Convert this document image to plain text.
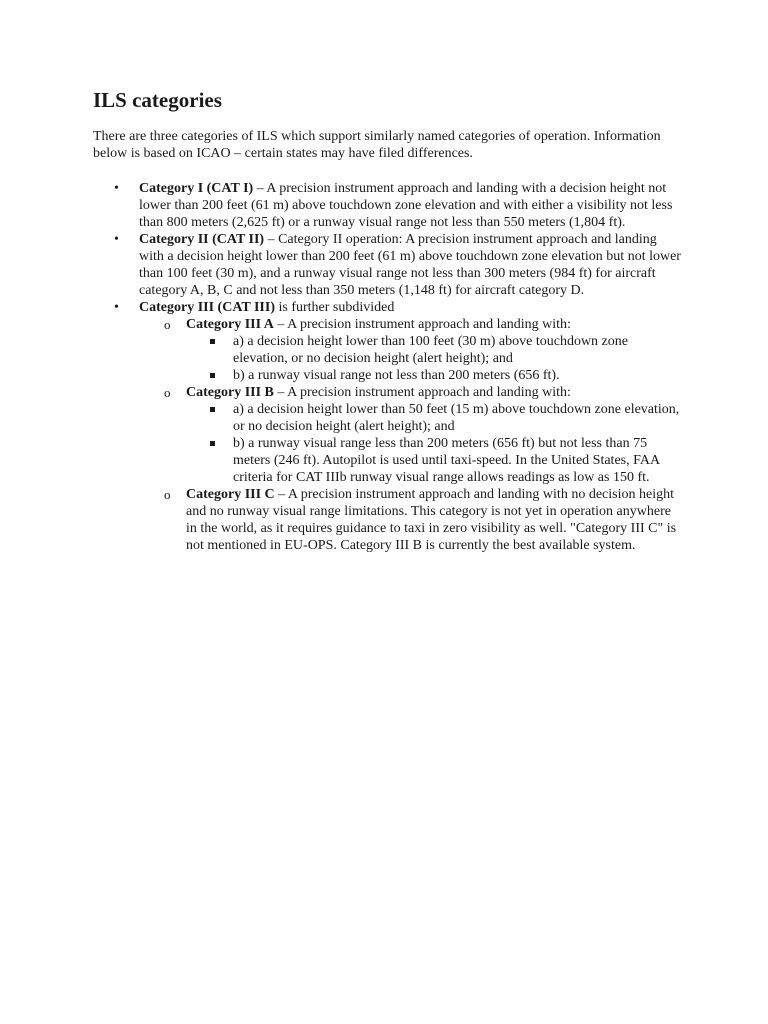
ILS categories

There are three categories of ILS which support similarly named categories of operation. Information below is based on ICAO – certain states may have filed differences.

• Category I (CAT I) – A precision instrument approach and landing with a decision height not lower than 200 feet (61 m) above touchdown zone elevation and with either a visibility not less than 800 meters (2,625 ft) or a runway visual range not less than 550 meters (1,804 ft).
• Category II (CAT II) – Category II operation: A precision instrument approach and landing with a decision height lower than 200 feet (61 m) above touchdown zone elevation but not lower than 100 feet (30 m), and a runway visual range not less than 300 meters (984 ft) for aircraft category A, B, C and not less than 350 meters (1,148 ft) for aircraft category D.
• Category III (CAT III) is further subdivided
o Category III A – A precision instrument approach and landing with:
a) a decision height lower than 100 feet (30 m) above touchdown zone elevation, or no decision height (alert height); and
b) a runway visual range not less than 200 meters (656 ft).
o Category III B – A precision instrument approach and landing with:
a) a decision height lower than 50 feet (15 m) above touchdown zone elevation, or no decision height (alert height); and
b) a runway visual range less than 200 meters (656 ft) but not less than 75 meters (246 ft). Autopilot is used until taxi-speed. In the United States, FAA criteria for CAT IIIb runway visual range allows readings as low as 150 ft.
o Category III C – A precision instrument approach and landing with no decision height and no runway visual range limitations. This category is not yet in operation anywhere in the world, as it requires guidance to taxi in zero visibility as well. "Category III C" is not mentioned in EU-OPS. Category III B is currently the best available system.
